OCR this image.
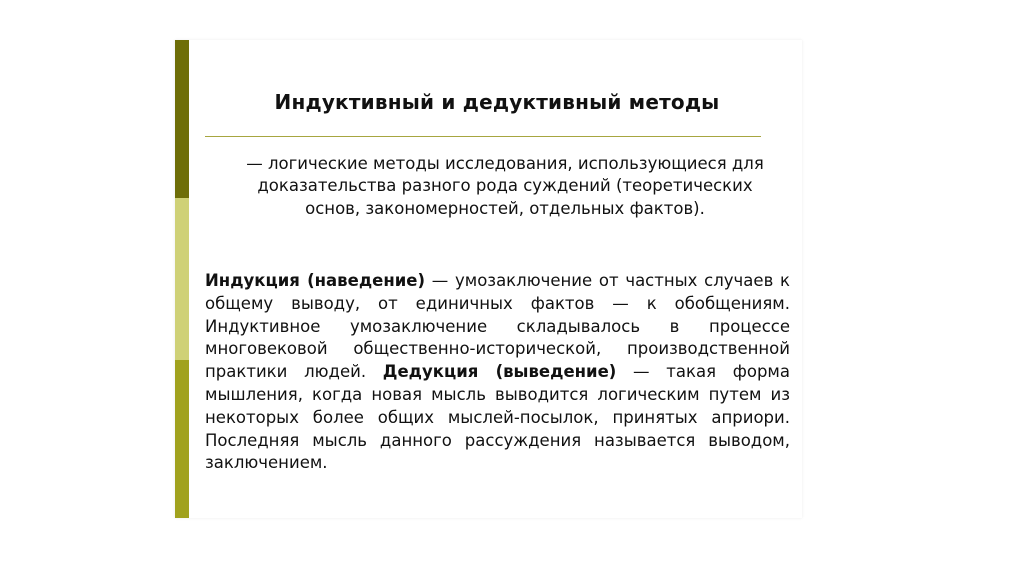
Индуктивный и дедуктивный методы
— логические методы исследования, использующиеся для доказательства разного рода суждений (теоретических основ, закономерностей, отдельных фактов).
Индукция (наведение) — умозаключение от частных случаев к общему выводу, от единичных фактов — к обобщениям. Индуктивное умозаключение складывалось в процессе многовековой общественно-исторической, производственной практики людей. Дедукция (выведение) — такая форма мышления, когда новая мысль выводится логическим путем из некоторых более общих мыслей-посылок, принятых априори. Последняя мысль данного рассуждения называется выводом, заключением.
